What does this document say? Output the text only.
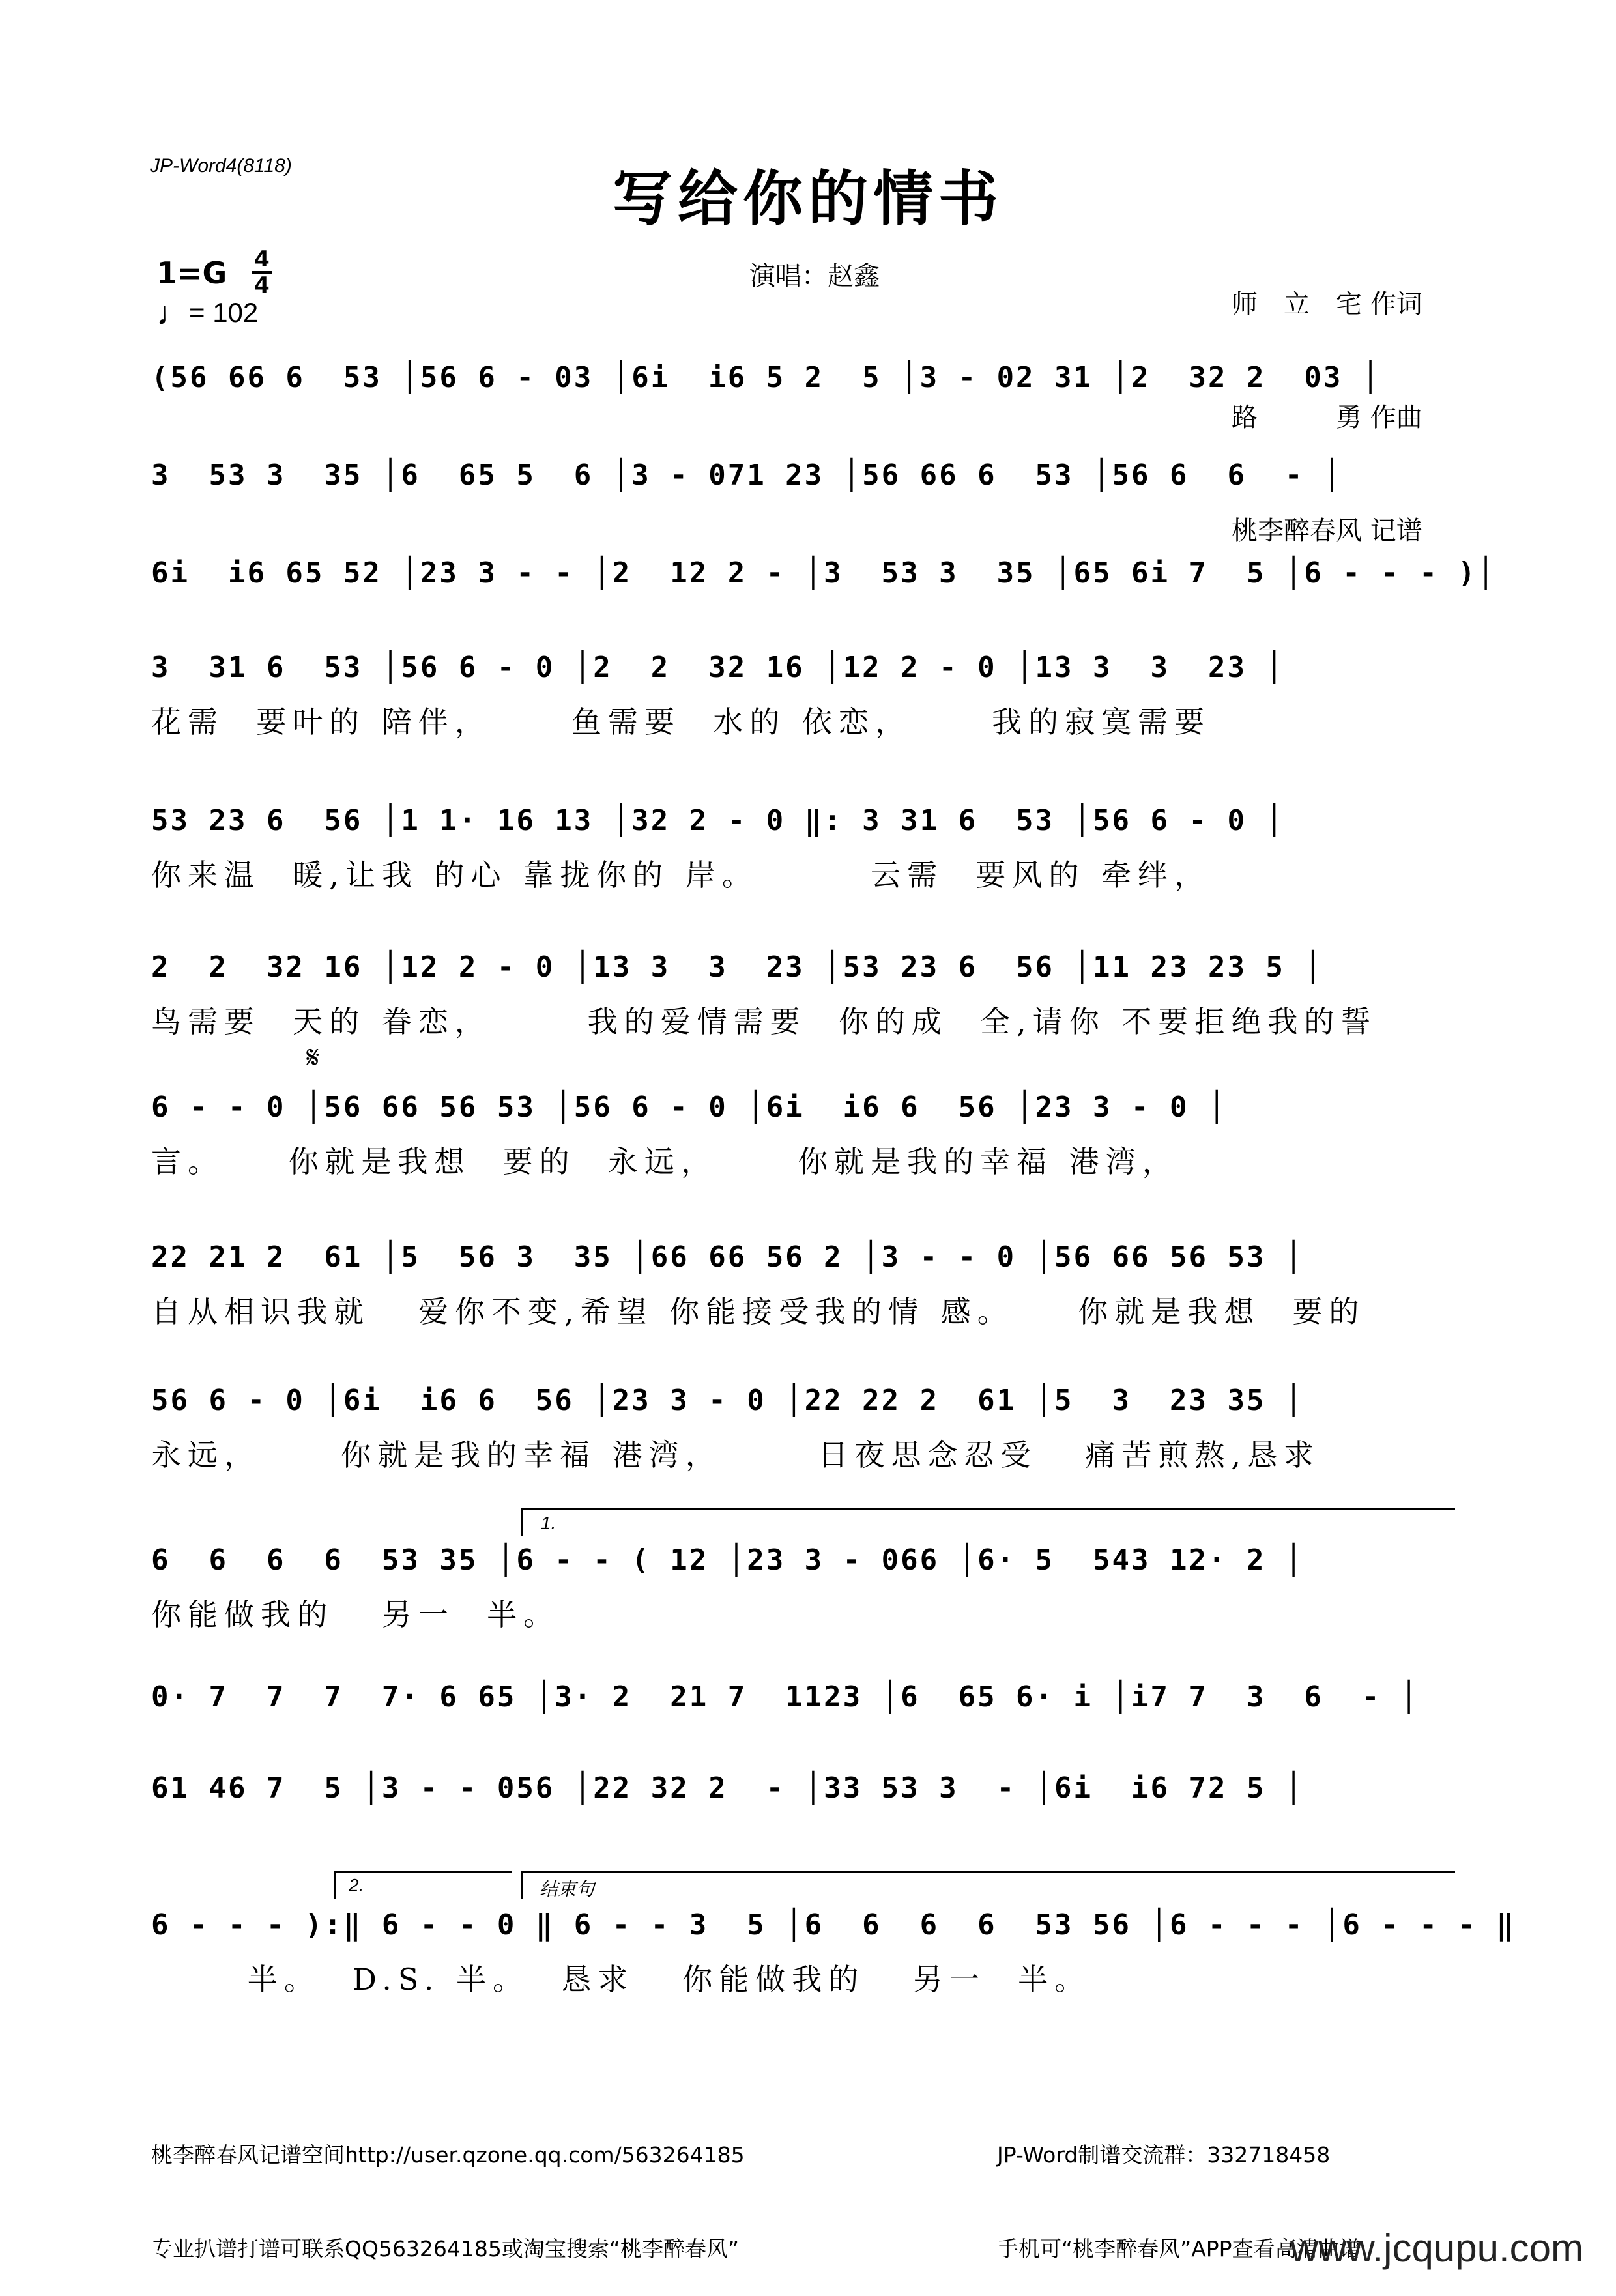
JP-Word4(8118)	写给你的情书
演唱：赵鑫

师　立　宅 作词

路　　　勇 作曲

桃李醉春风 记谱

1=G 4
4
♩= 102
(56 66 6  53 │56 6 - 03 │6i  i6 5 2  5 │3 - 02 31 │2  32 2  03 │
3  53 3  35 │6  65 5  6 │3 - 071 23 │56 66 6  53 │56 6  6  - │
6i  i6 65 52 │23 3 - - │2  12 2 - │3  53 3  35 │65 6i 7  5 │6 - - - )│
3  31 6  53 │56 6 - 0 │2  2  32 16 │12 2 - 0 │13 3  3  23 │
花需  要叶的 陪伴，     鱼需要  水的 依恋，     我的寂寞需要
53 23 6  56 │1 1· 16 13 │32 2 - 0 ‖: 3 31 6  53 │56 6 - 0 │
你来温  暖,让我 的心 靠拢你的 岸。       云需  要风的 牵绊，
2  2  32 16 │12 2 - 0 │13 3  3  23 │53 23 6  56 │11 23 23 5 │
鸟需要  天的 眷恋，      我的爱情需要  你的成  全,请你 不要拒绝我的誓
𝄋
6 - - 0 │56 66 56 53 │56 6 - 0 │6i  i6 6  56 │23 3 - 0 │
言。    你就是我想  要的  永远，     你就是我的幸福 港湾，
22 21 2  61 │5  56 3  35 │66 66 56 2 │3 - - 0 │56 66 56 53 │
自从相识我就   爱你不变,希望 你能接受我的情 感。    你就是我想  要的
56 6 - 0 │6i  i6 6  56 │23 3 - 0 │22 22 2  61 │5  3  23 35 │
永远，     你就是我的幸福 港湾，      日夜思念忍受   痛苦煎熬,恳求
1.
6  6  6  6  53 35 │6 - - ( 12 │23 3 - 066 │6· 5  543 12· 2 │
你能做我的   另一  半。
0· 7  7  7  7· 6 65 │3· 2  21 7  1123 │6  65 6· i │i7 7  3  6  - │
61 46 7  5 │3 - - 056 │22 32 2  - │33 53 3  - │6i  i6 72 5 │
2.	结束句
6 - - - ):‖ 6 - - 0 ‖ 6 - - 3  5 │6  6  6  6  53 56 │6 - - - │6 - - - ‖
半。  D.S. 半。  恳求   你能做我的   另一  半。

桃李醉春风记谱空间http://user.qzone.qq.com/563264185

专业扒谱打谱可联系QQ563264185或淘宝搜索“桃李醉春风”

JP-Word制谱交流群：332718458

手机可“桃李醉春风”APP查看高清曲谱

www.jcqupu.com
